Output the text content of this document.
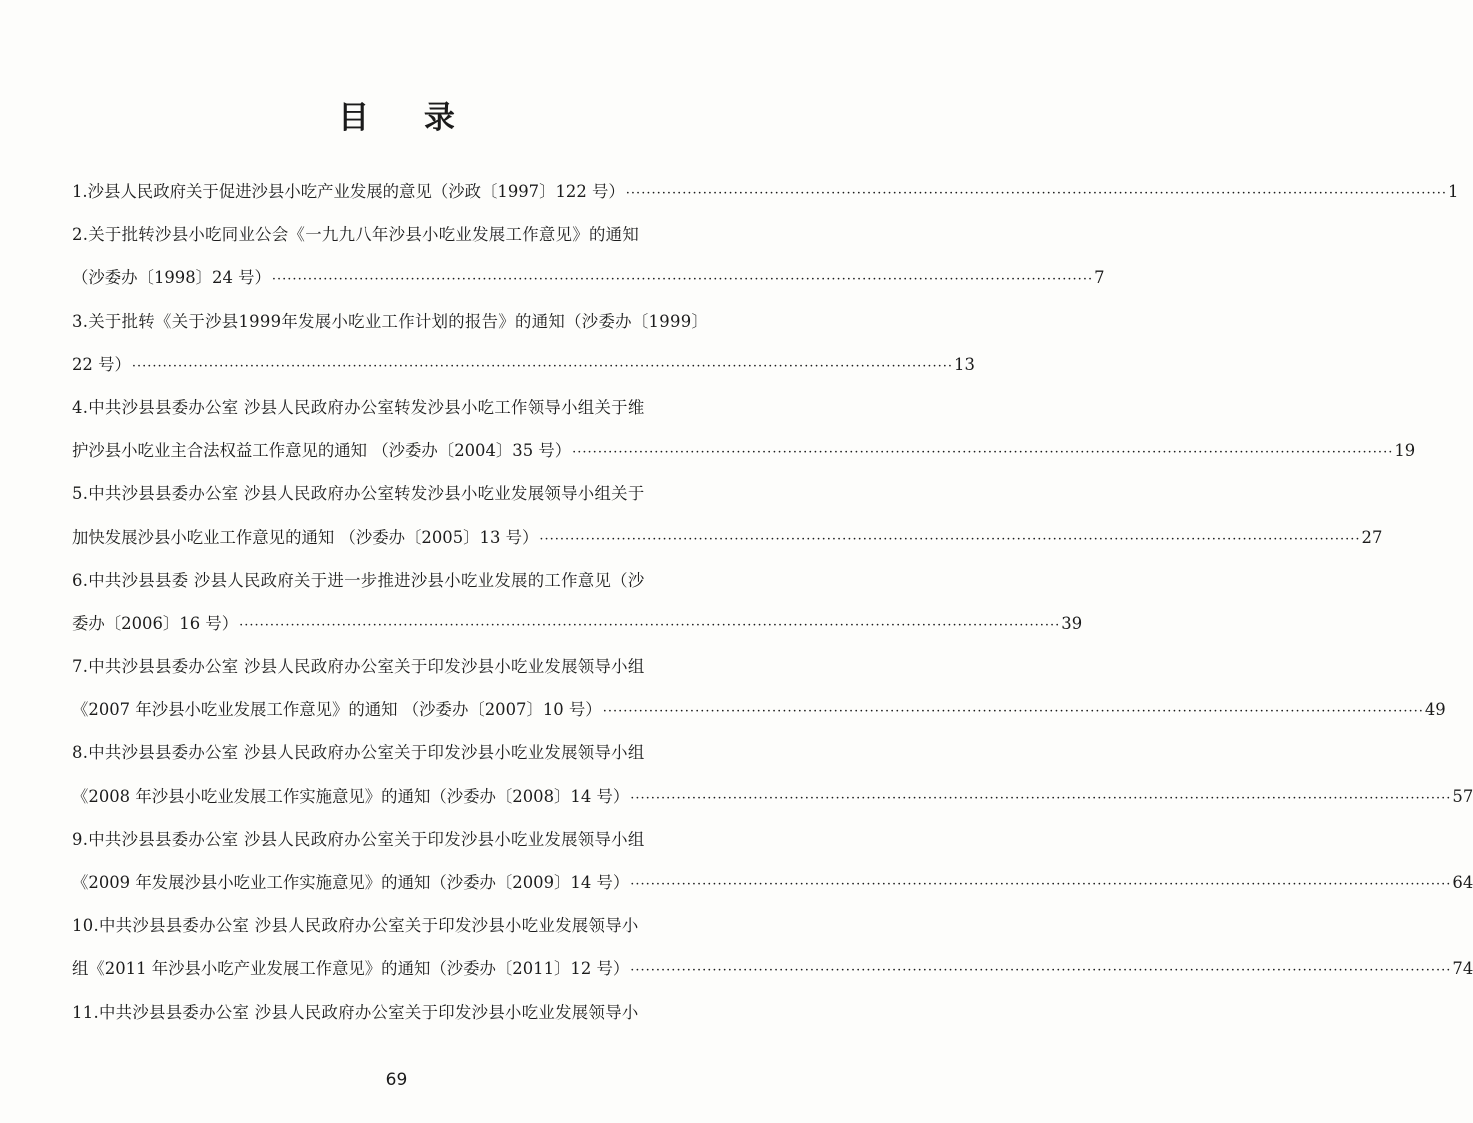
目 录
1.沙县人民政府关于促进沙县小吃产业发展的意见（沙政〔1997〕122 号） ································································································································································ 1
2.关于批转沙县小吃同业公会《一九九八年沙县小吃业发展工作意见》的通知
（沙委办〔1998〕24 号） ································································································································································ 7
3.关于批转《关于沙县1999年发展小吃业工作计划的报告》的通知（沙委办〔1999〕
22 号） ································································································································································ 13
4.中共沙县县委办公室 沙县人民政府办公室转发沙县小吃工作领导小组关于维
护沙县小吃业主合法权益工作意见的通知 （沙委办〔2004〕35 号） ································································································································································ 19
5.中共沙县县委办公室 沙县人民政府办公室转发沙县小吃业发展领导小组关于
加快发展沙县小吃业工作意见的通知 （沙委办〔2005〕13 号） ································································································································································ 27
6.中共沙县县委 沙县人民政府关于进一步推进沙县小吃业发展的工作意见（沙
委办〔2006〕16 号） ································································································································································ 39
7.中共沙县县委办公室 沙县人民政府办公室关于印发沙县小吃业发展领导小组
《2007 年沙县小吃业发展工作意见》的通知 （沙委办〔2007〕10 号） ································································································································································ 49
8.中共沙县县委办公室 沙县人民政府办公室关于印发沙县小吃业发展领导小组
《2008 年沙县小吃业发展工作实施意见》的通知（沙委办〔2008〕14 号） ································································································································································ 57
9.中共沙县县委办公室 沙县人民政府办公室关于印发沙县小吃业发展领导小组
《2009 年发展沙县小吃业工作实施意见》的通知（沙委办〔2009〕14 号） ································································································································································ 64
10.中共沙县县委办公室 沙县人民政府办公室关于印发沙县小吃业发展领导小
组《2011 年沙县小吃产业发展工作意见》的通知（沙委办〔2011〕12 号） ································································································································································ 74
11.中共沙县县委办公室 沙县人民政府办公室关于印发沙县小吃业发展领导小
69
